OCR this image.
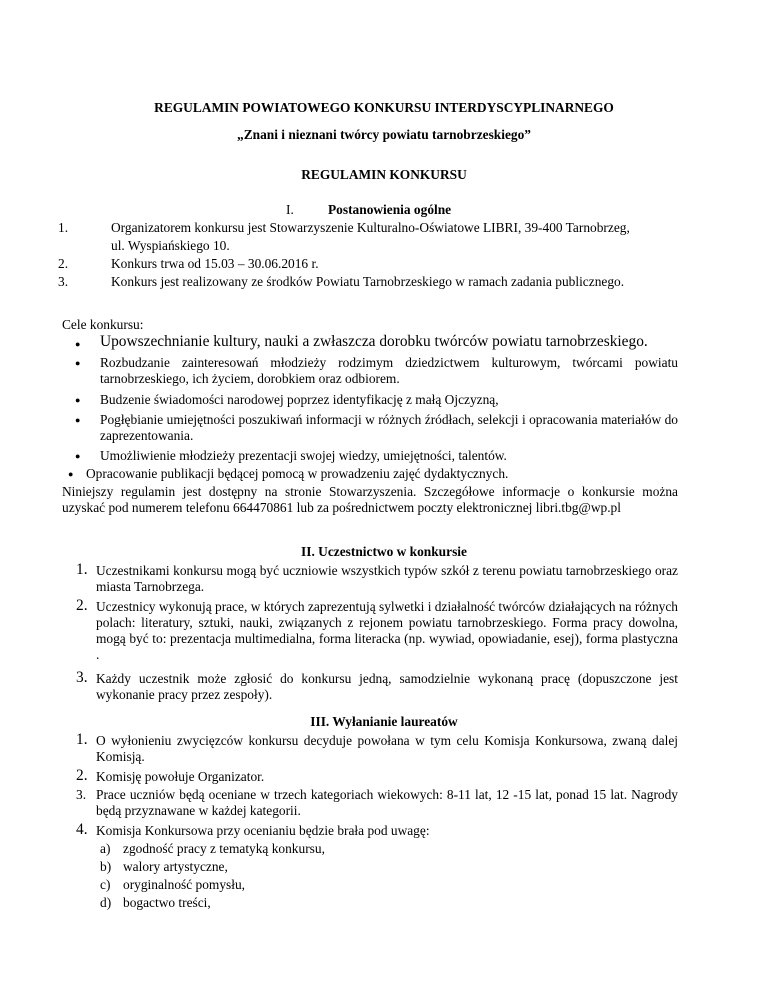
REGULAMIN POWIATOWEGO KONKURSU INTERDYSCYPLINARNEGO
„Znani i nieznani twórcy powiatu tarnobrzeskiego”
REGULAMIN KONKURSU
I.	Postanowienia ogólne
1.	Organizatorem konkursu jest Stowarzyszenie Kulturalno-Oświatowe LIBRI, 39-400 Tarnobrzeg,
ul. Wyspiańskiego 10.
2.	Konkurs trwa od 15.03 – 30.06.2016 r.
3.	Konkurs jest realizowany ze środków Powiatu Tarnobrzeskiego w ramach zadania publicznego.
Cele konkursu:
● Upowszechnianie kultury, nauki a zwłaszcza dorobku twórców powiatu tarnobrzeskiego.
● Rozbudzanie zainteresowań młodzieży rodzimym dziedzictwem kulturowym, twórcami powiatu tarnobrzeskiego, ich życiem, dorobkiem oraz odbiorem.
● Budzenie świadomości narodowej poprzez identyfikację z małą Ojczyzną,
● Pogłębianie umiejętności poszukiwań informacji w różnych źródłach, selekcji i opracowania materiałów do zaprezentowania.
● Umożliwienie młodzieży prezentacji swojej wiedzy, umiejętności, talentów.
● Opracowanie publikacji będącej pomocą w prowadzeniu zajęć dydaktycznych.
Niniejszy regulamin jest dostępny na stronie Stowarzyszenia. Szczegółowe informacje o konkursie można uzyskać pod numerem telefonu 664470861 lub za pośrednictwem poczty elektronicznej libri.tbg@wp.pl
II. Uczestnictwo w konkursie
1. Uczestnikami konkursu mogą być uczniowie wszystkich typów szkół z terenu powiatu tarnobrzeskiego oraz miasta Tarnobrzega.
2. Uczestnicy wykonują prace, w których zaprezentują sylwetki i działalność twórców działających na różnych polach: literatury, sztuki, nauki, związanych z rejonem powiatu tarnobrzeskiego. Forma pracy dowolna, mogą być to: prezentacja multimedialna, forma literacka (np. wywiad, opowiadanie, esej), forma plastyczna .
3. Każdy uczestnik może zgłosić do konkursu jedną, samodzielnie wykonaną pracę (dopuszczone jest wykonanie pracy przez zespoły).
III. Wyłanianie laureatów
1. O wyłonieniu zwycięzców konkursu decyduje powołana w tym celu Komisja Konkursowa, zwaną dalej Komisją.
2. Komisję powołuje Organizator.
3. Prace uczniów będą oceniane w trzech kategoriach wiekowych: 8-11 lat, 12 -15 lat, ponad 15 lat. Nagrody będą przyznawane w każdej kategorii.
4. Komisja Konkursowa przy ocenianiu będzie brała pod uwagę:
a) zgodność pracy z tematyką konkursu,
b) walory artystyczne,
c) oryginalność pomysłu,
d) bogactwo treści,
